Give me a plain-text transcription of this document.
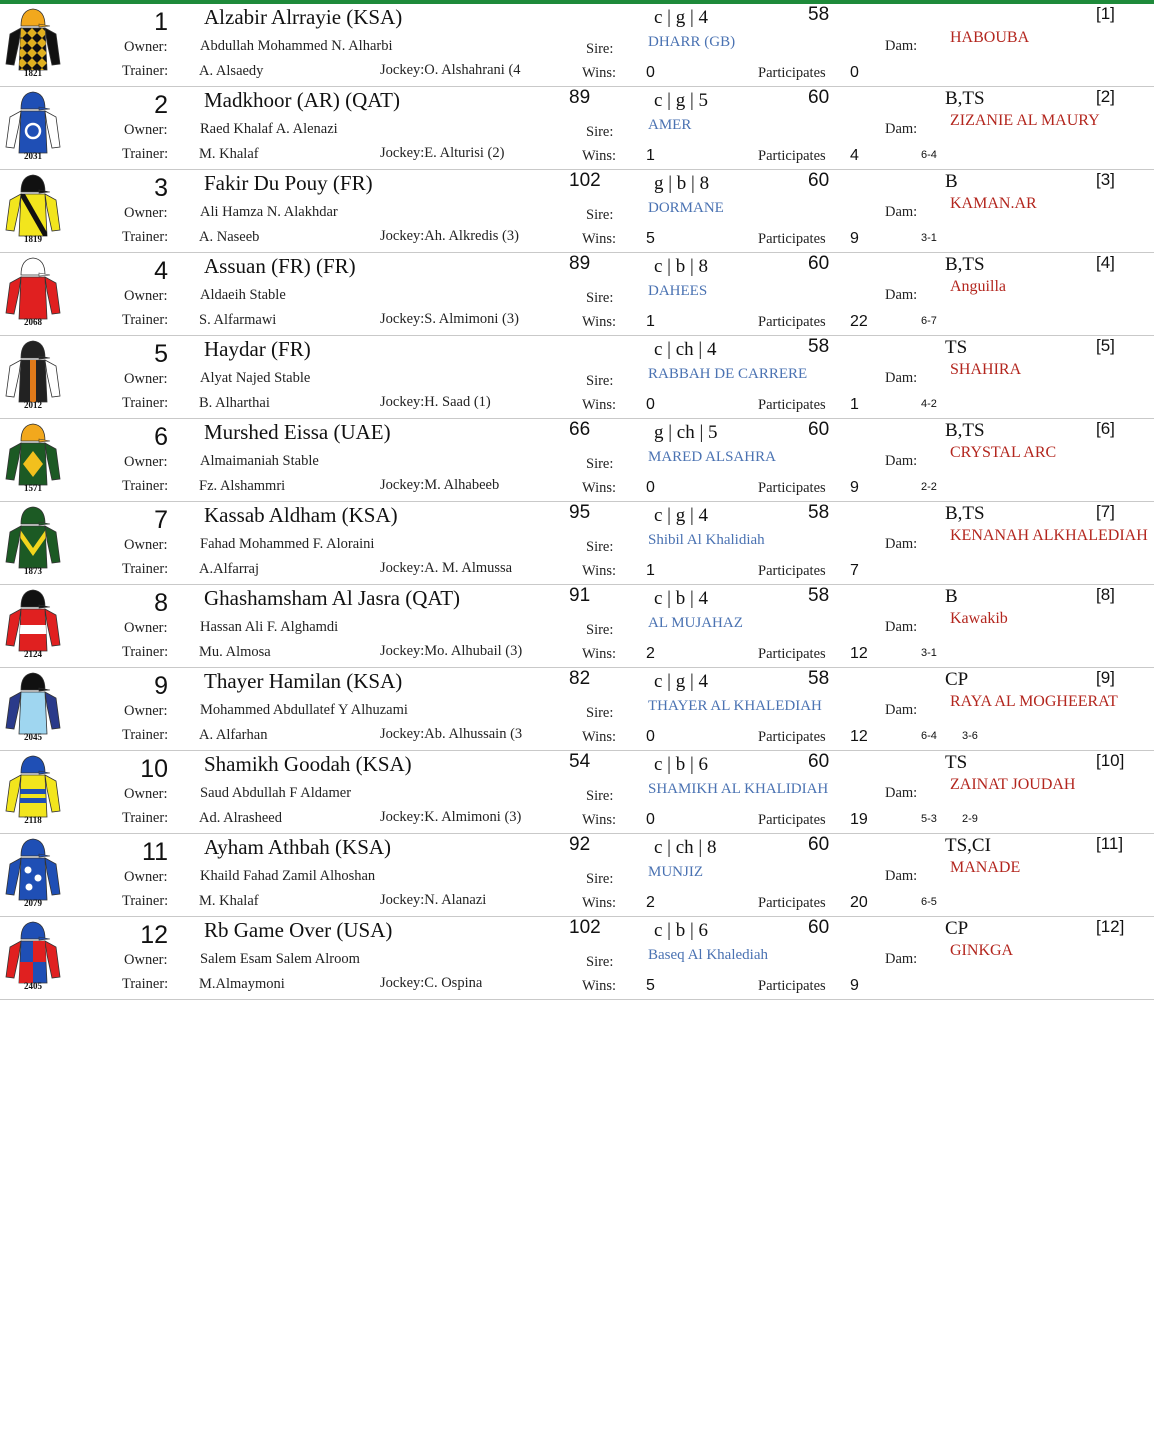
1821
1 Alzabir Alrrayie (KSA)
Owner: Abdullah Mohammed N. Alharbi
Trainer: A. Alsaedy	Jockey:O. Alshahrani (4
c | g | 4
Sire: DHARR (GB)
Wins: 0
58
Participates 0
Dam: HABOUBA
[1]
2031
2 Madkhoor (AR) (QAT)
Owner: Raed Khalaf A. Alenazi
Trainer: M. Khalaf	Jockey:E. Alturisi (2)
89	c | g | 5
Sire: AMER
Wins: 1
60
Participates 4
Dam: ZIZANIE AL MAURY
B,TS	[2]
6-4
1819
3 Fakir Du Pouy (FR)
Owner: Ali Hamza N. Alakhdar
Trainer: A. Naseeb	Jockey:Ah. Alkredis (3)
102	g | b | 8
Sire: DORMANE
Wins: 5
60
Participates 9
Dam: KAMAN.AR
B	[3]
3-1
2068
4 Assuan (FR) (FR)
Owner: Aldaeih Stable
Trainer: S. Alfarmawi	Jockey:S. Almimoni (3)
89	c | b | 8
Sire: DAHEES
Wins: 1
60
Participates 22
Dam: Anguilla
B,TS	[4]
6-7
2012
5 Haydar (FR)
Owner: Alyat Najed Stable
Trainer: B. Alharthai	Jockey:H. Saad (1)
c | ch | 4
Sire: RABBAH DE CARRERE
Wins: 0
58
Participates 1
Dam: SHAHIRA
TS	[5]
4-2
1571
6 Murshed Eissa (UAE)
Owner: Almaimaniah Stable
Trainer: Fz. Alshammri	Jockey:M. Alhabeeb
66	g | ch | 5
Sire: MARED ALSAHRA
Wins: 0
60
Participates 9
Dam: CRYSTAL ARC
B,TS	[6]
2-2
1873
7 Kassab Aldham (KSA)
Owner: Fahad Mohammed F. Aloraini
Trainer: A.Alfarraj	Jockey:A. M. Almussa
95	c | g | 4
Sire: Shibil Al Khalidiah
Wins: 1
58
Participates 7
Dam: KENANAH ALKHALEDIAH
B,TS	[7]
2124
8 Ghashamsham Al Jasra (QAT)
Owner: Hassan Ali F. Alghamdi
Trainer: Mu. Almosa	Jockey:Mo. Alhubail (3)
91	c | b | 4
Sire: AL MUJAHAZ
Wins: 2
58
Participates 12
Dam: Kawakib
B	[8]
3-1
2045
9 Thayer Hamilan (KSA)
Owner: Mohammed Abdullatef Y Alhuzami
Trainer: A. Alfarhan	Jockey:Ab. Alhussain (3
82	c | g | 4
Sire: THAYER AL KHALEDIAH
Wins: 0
58
Participates 12
Dam: RAYA AL MOGHEERAT
CP	[9]
6-4 3-6
2118
10 Shamikh Goodah (KSA)
Owner: Saud Abdullah F Aldamer
Trainer: Ad. Alrasheed	Jockey:K. Almimoni (3)
54	c | b | 6
Sire: SHAMIKH AL KHALIDIAH
Wins: 0
60
Participates 19
Dam: ZAINAT JOUDAH
TS	[10]
5-3 2-9
2079
11 Ayham Athbah (KSA)
Owner: Khaild Fahad Zamil Alhoshan
Trainer: M. Khalaf	Jockey:N. Alanazi
92	c | ch | 8
Sire: MUNJIZ
Wins: 2
60
Participates 20
Dam: MANADE
TS,CI	[11]
6-5
2405
12 Rb Game Over (USA)
Owner: Salem Esam Salem Alroom
Trainer: M.Almaymoni	Jockey:C. Ospina
102	c | b | 6
Sire: Baseq Al Khalediah
Wins: 5
60
Participates 9
Dam: GINKGA
CP	[12]
